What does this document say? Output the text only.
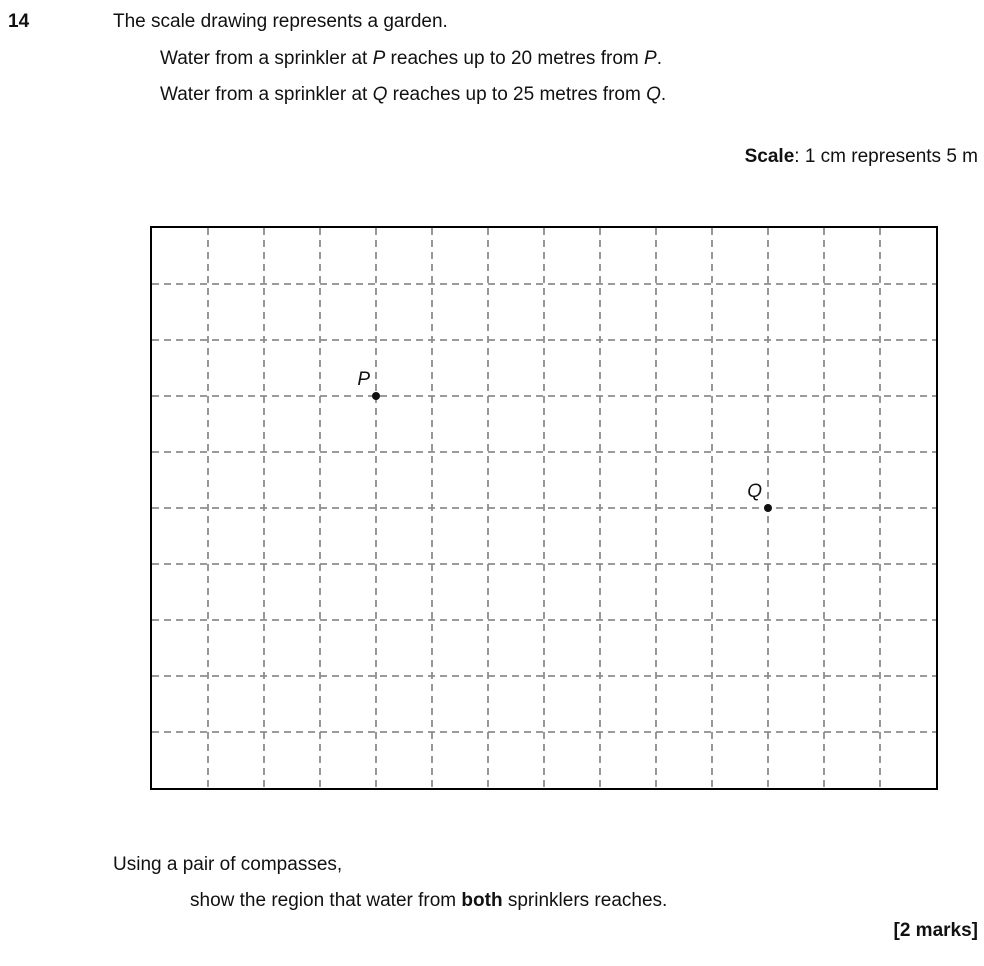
14	The scale drawing represents a garden.
Water from a sprinkler at P reaches up to 20 metres from P.
Water from a sprinkler at Q reaches up to 25 metres from Q.
Scale: 1 cm represents 5 m
P
Q
Using a pair of compasses,
show the region that water from both sprinklers reaches.
[2 marks]
